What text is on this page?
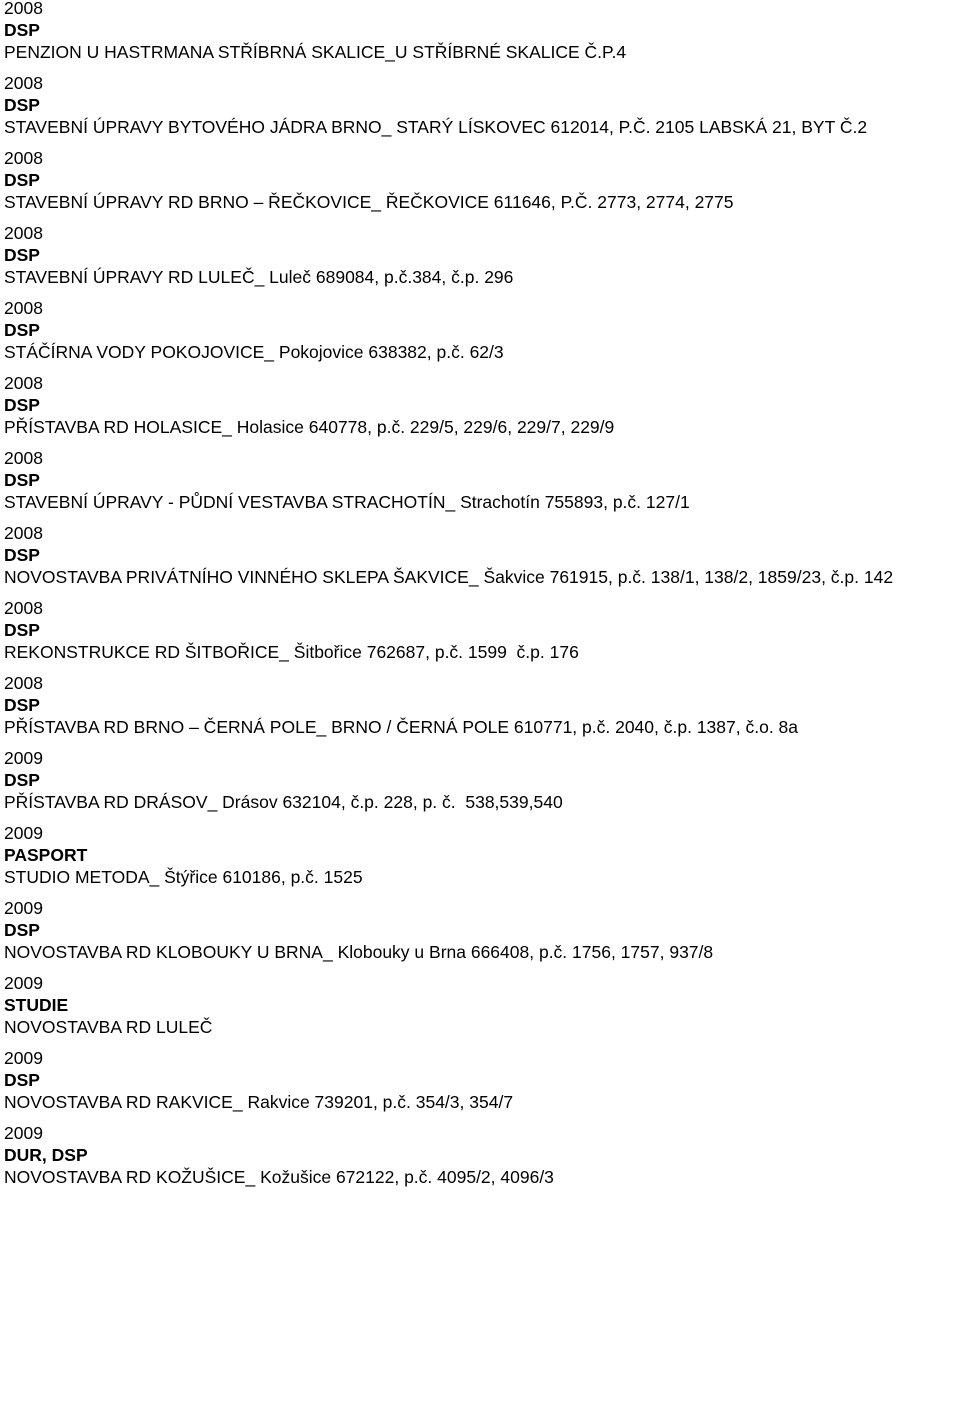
2008
DSP
PENZION U HASTRMANA STŘÍBRNÁ SKALICE_U STŘÍBRNÉ SKALICE Č.P.4
2008
DSP
STAVEBNÍ ÚPRAVY BYTOVÉHO JÁDRA BRNO_ STARÝ LÍSKOVEC 612014, P.Č. 2105 LABSKÁ 21, BYT Č.2
2008
DSP
STAVEBNÍ ÚPRAVY RD BRNO – ŘEČKOVICE_ ŘEČKOVICE 611646, P.Č. 2773, 2774, 2775
2008
DSP
STAVEBNÍ ÚPRAVY RD LULEČ_ Luleč 689084, p.č.384, č.p. 296
2008
DSP
STÁČÍRNA VODY POKOJOVICE_ Pokojovice 638382, p.č. 62/3
2008
DSP
PŘÍSTAVBA RD HOLASICE_ Holasice 640778, p.č. 229/5, 229/6, 229/7, 229/9
2008
DSP
STAVEBNÍ ÚPRAVY - PŮDNÍ VESTAVBA STRACHOTÍN_ Strachotín 755893, p.č. 127/1
2008
DSP
NOVOSTAVBA PRIVÁTNÍHO VINNÉHO SKLEPA ŠAKVICE_ Šakvice 761915, p.č. 138/1, 138/2, 1859/23, č.p. 142
2008
DSP
REKONSTRUKCE RD ŠITBOŘICE_ Šitbořice 762687, p.č. 1599  č.p. 176
2008
DSP
PŘÍSTAVBA RD BRNO – ČERNÁ POLE_ BRNO / ČERNÁ POLE 610771, p.č. 2040, č.p. 1387, č.o. 8a
2009
DSP
PŘÍSTAVBA RD DRÁSOV_ Drásov 632104, č.p. 228, p. č.  538,539,540
2009
PASPORT
STUDIO METODA_ Štýřice 610186, p.č. 1525
2009
DSP
NOVOSTAVBA RD KLOBOUKY U BRNA_ Klobouky u Brna 666408, p.č. 1756, 1757, 937/8
2009
STUDIE
NOVOSTAVBA RD LULEČ
2009
DSP
NOVOSTAVBA RD RAKVICE_ Rakvice 739201, p.č. 354/3, 354/7
2009
DUR, DSP
NOVOSTAVBA RD KOŽUŠICE_ Kožušice 672122, p.č. 4095/2, 4096/3
